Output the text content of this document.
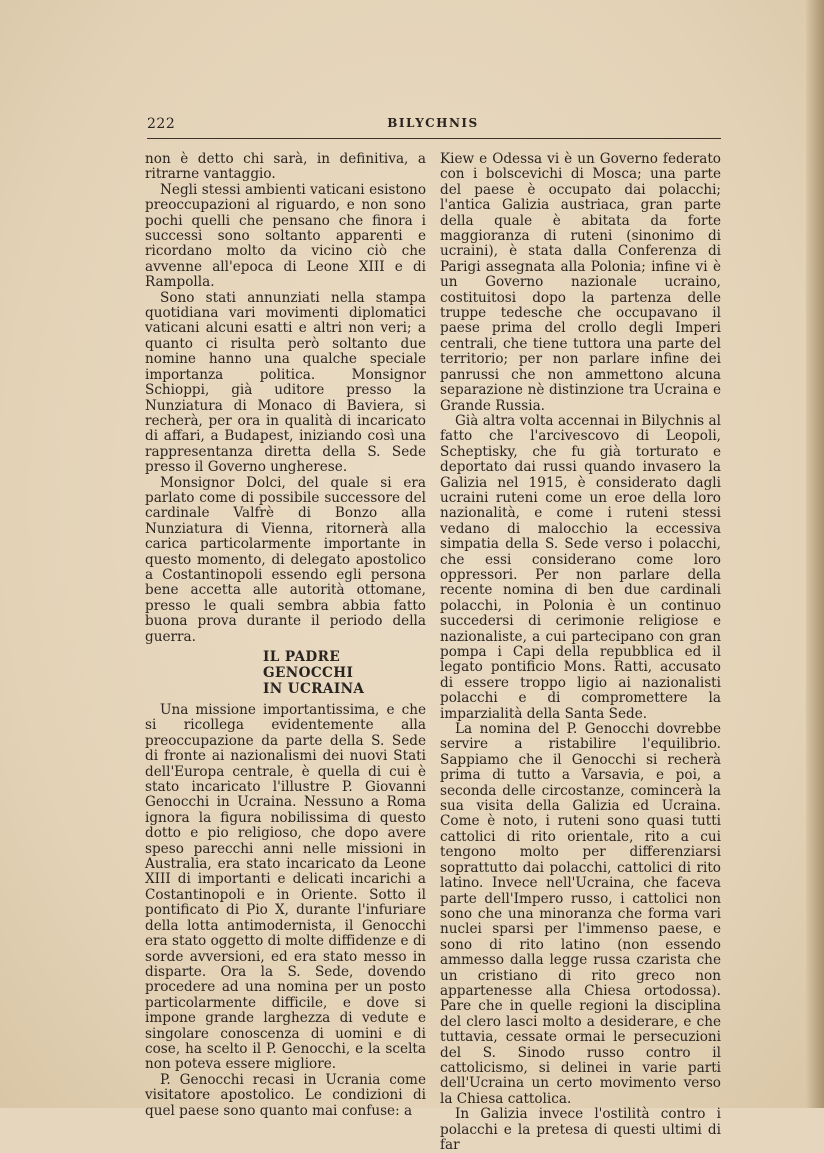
222	BILYCHNIS

non è detto chi sarà, in definitiva, a ritrarne vantaggio.

Negli stessi ambienti vaticani esistono preoccupazioni al riguardo, e non sono pochi quelli che pensano che finora i successi sono soltanto apparenti e ricordano molto da vicino ciò che avvenne all'epoca di Leone XIII e di Rampolla.

Sono stati annunziati nella stampa quotidiana vari movimenti diplomatici vaticani alcuni esatti e altri non veri; a quanto ci risulta però soltanto due nomine hanno una qualche speciale importanza politica. Monsignor Schioppi, già uditore presso la Nunziatura di Monaco di Baviera, si recherà, per ora in qualità di incaricato di affari, a Budapest, iniziando così una rappresentanza diretta della S. Sede presso il Governo ungherese.

Monsignor Dolci, del quale si era parlato come di possibile successore del cardinale Valfrè di Bonzo alla Nunziatura di Vienna, ritornerà alla carica particolarmente importante in questo momento, di delegato apostolico a Costantinopoli essendo egli persona bene accetta alle autorità ottomane, presso le quali sembra abbia fatto buona prova durante il periodo della guerra.

IL PADRE GENOCCHI
IN UCRAINA

Una missione importantissima, e che si ricollega evidentemente alla preoccupazione da parte della S. Sede di fronte ai nazionalismi dei nuovi Stati dell'Europa centrale, è quella di cui è stato incaricato l'illustre P. Giovanni Genocchi in Ucraina. Nessuno a Roma ignora la figura nobilissima di questo dotto e pio religioso, che dopo avere speso parecchi anni nelle missioni in Australia, era stato incaricato da Leone XIII di importanti e delicati incarichi a Costantinopoli e in Oriente. Sotto il pontificato di Pio X, durante l'infuriare della lotta antimodernista, il Genocchi era stato oggetto di molte diffidenze e di sorde avversioni, ed era stato messo in disparte. Ora la S. Sede, dovendo procedere ad una nomina per un posto particolarmente difficile, e dove si impone grande larghezza di vedute e singolare conoscenza di uomini e di cose, ha scelto il P. Genocchi, e la scelta non poteva essere migliore.

P. Genocchi recasi in Ucrania come visitatore apostolico. Le condizioni di quel paese sono quanto mai confuse: a

Kiew e Odessa vi è un Governo federato con i bolscevichi di Mosca; una parte del paese è occupato dai polacchi; l'antica Galizia austriaca, gran parte della quale è abitata da forte maggioranza di ruteni (sinonimo di ucraini), è stata dalla Conferenza di Parigi assegnata alla Polonia; infine vi è un Governo nazionale ucraino, costituitosi dopo la partenza delle truppe tedesche che occupavano il paese prima del crollo degli Imperi centrali, che tiene tuttora una parte del territorio; per non parlare infine dei panrussi che non ammettono alcuna separazione nè distinzione tra Ucraina e Grande Russia.

Già altra volta accennai in Bilychnis al fatto che l'arcivescovo di Leopoli, Scheptisky, che fu già torturato e deportato dai russi quando invasero la Galizia nel 1915, è considerato dagli ucraini ruteni come un eroe della loro nazionalità, e come i ruteni stessi vedano di malocchio la eccessiva simpatia della S. Sede verso i polacchi, che essi considerano come loro oppressori. Per non parlare della recente nomina di ben due cardinali polacchi, in Polonia è un continuo succedersi di cerimonie religiose e nazionaliste, a cui partecipano con gran pompa i Capi della repubblica ed il legato pontificio Mons. Ratti, accusato di essere troppo ligio ai nazionalisti polacchi e di compromettere la imparzialità della Santa Sede.

La nomina del P. Genocchi dovrebbe servire a ristabilire l'equilibrio. Sappiamo che il Genocchi si recherà prima di tutto a Varsavia, e poi, a seconda delle circostanze, comincerà la sua visita della Galizia ed Ucraina. Come è noto, i ruteni sono quasi tutti cattolici di rito orientale, rito a cui tengono molto per differenziarsi soprattutto dai polacchi, cattolici di rito latino. Invece nell'Ucraina, che faceva parte dell'Impero russo, i cattolici non sono che una minoranza che forma vari nuclei sparsi per l'immenso paese, e sono di rito latino (non essendo ammesso dalla legge russa czarista che un cristiano di rito greco non appartenesse alla Chiesa ortodossa). Pare che in quelle regioni la disciplina del clero lasci molto a desiderare, e che tuttavia, cessate ormai le persecuzioni del S. Sinodo russo contro il cattolicismo, si delinei in varie parti dell'Ucraina un certo movimento verso la Chiesa cattolica.

In Galizia invece l'ostilità contro i polacchi e la pretesa di questi ultimi di far
